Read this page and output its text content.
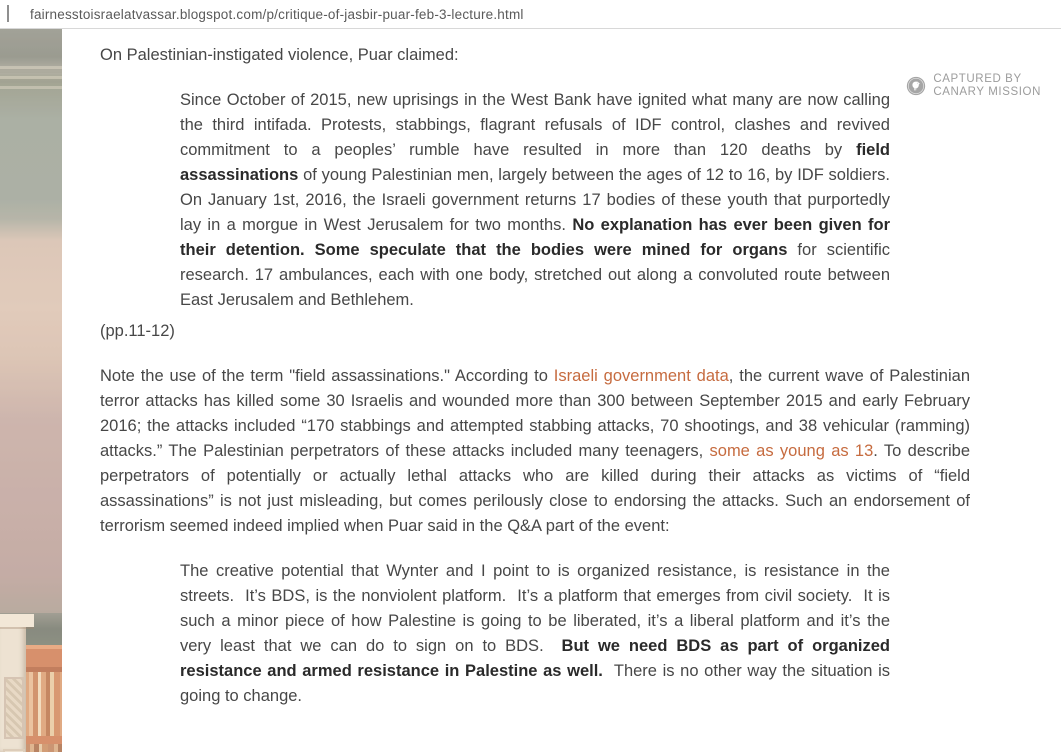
fairnesstoisraelatvassar.blogspot.com/p/critique-of-jasbir-puar-feb-3-lecture.html

On Palestinian-instigated violence, Puar claimed:

Since October of 2015, new uprisings in the West Bank have ignited what many are now calling the third intifada. Protests, stabbings, flagrant refusals of IDF control, clashes and revived commitment to a peoples’ rumble have resulted in more than 120 deaths by field assassinations of young Palestinian men, largely between the ages of 12 to 16, by IDF soldiers. On January 1st, 2016, the Israeli government returns 17 bodies of these youth that purportedly lay in a morgue in West Jerusalem for two months. No explanation has ever been given for their detention. Some speculate that the bodies were mined for organs for scientific research. 17 ambulances, each with one body, stretched out along a convoluted route between East Jerusalem and Bethlehem.

(pp.11-12)

Note the use of the term "field assassinations." According to Israeli government data, the current wave of Palestinian terror attacks has killed some 30 Israelis and wounded more than 300 between September 2015 and early February 2016; the attacks included “170 stabbings and attempted stabbing attacks, 70 shootings, and 38 vehicular (ramming) attacks.” The Palestinian perpetrators of these attacks included many teenagers, some as young as 13. To describe perpetrators of potentially or actually lethal attacks who are killed during their attacks as victims of “field assassinations” is not just misleading, but comes perilously close to endorsing the attacks. Such an endorsement of terrorism seemed indeed implied when Puar said in the Q&A part of the event:

The creative potential that Wynter and I point to is organized resistance, is resistance in the streets.  It’s BDS, is the nonviolent platform.  It’s a platform that emerges from civil society.  It is such a minor piece of how Palestine is going to be liberated, it’s a liberal platform and it’s the very least that we can do to sign on to BDS.  But we need BDS as part of organized resistance and armed resistance in Palestine as well.  There is no other way the situation is going to change.
CAPTURED BY
CANARY MISSION
